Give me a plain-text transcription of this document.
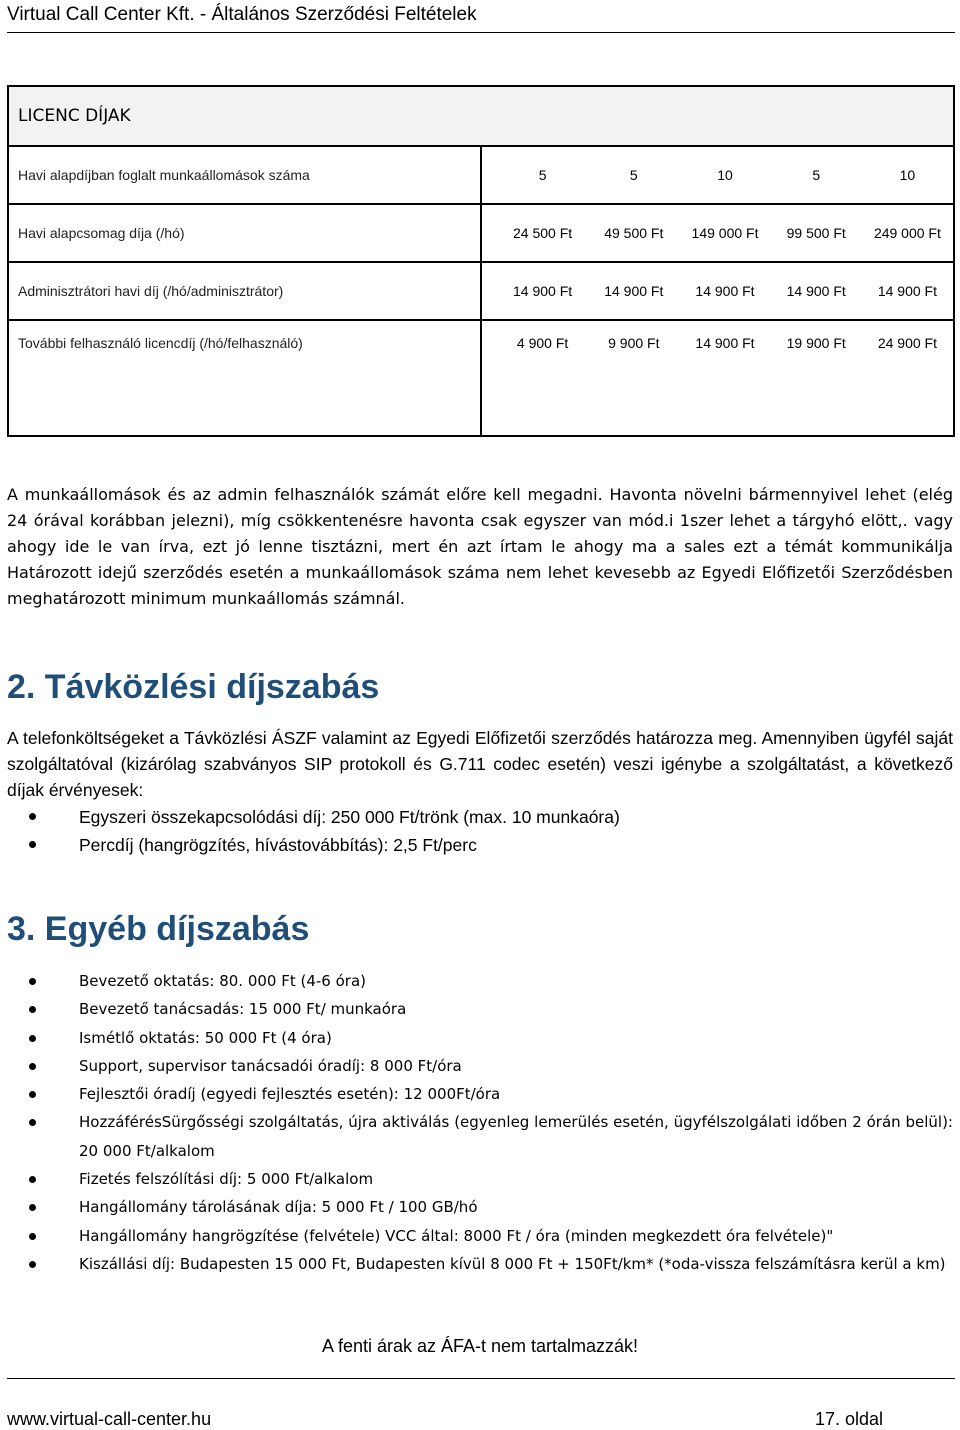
Virtual Call Center Kft. - Általános Szerződési Feltételek
LICENC DÍJAK	
Havi alapdíjban foglalt munkaállomások száma	5 5 10 5 10

Havi alapcsomag díja (/hó)	24 500 Ft 49 500 Ft 149 000 Ft 99 500 Ft 249 000 Ft

Adminisztrátori havi díj (/hó/adminisztrátor)	14 900 Ft 14 900 Ft 14 900 Ft 14 900 Ft 14 900 Ft

További felhasználó licencdíj (/hó/felhasználó)	4 900 Ft 9 900 Ft 14 900 Ft 19 900 Ft 24 900 Ft
A munkaállomások és az admin felhasználók számát előre kell megadni. Havonta növelni bármennyivel lehet (elég 24 órával korábban jelezni), míg csökkentenésre havonta csak egyszer van mód.i 1szer lehet a tárgyhó elött,. vagy ahogy ide le van írva, ezt jó lenne tisztázni, mert én azt írtam le ahogy ma a sales ezt a témát kommunikálja Határozott idejű szerződés esetén a munkaállomások száma nem lehet kevesebb az Egyedi Előfizetői Szerződésben meghatározott minimum munkaállomás számnál.
2. Távközlési díjszabás
A telefonköltségeket a Távközlési ÁSZF valamint az Egyedi Előfizetői szerződés határozza meg. Amennyiben ügyfél saját szolgáltatóval (kizárólag szabványos SIP protokoll és G.711 codec esetén) veszi igénybe a szolgáltatást, a következő díjak érvényesek:
Egyszeri összekapcsolódási díj: 250 000 Ft/trönk (max. 10 munkaóra)
Percdíj (hangrögzítés, hívástovábbítás): 2,5 Ft/perc
3. Egyéb díjszabás
Bevezető oktatás: 80. 000 Ft (4-6 óra)
Bevezető tanácsadás: 15 000 Ft/ munkaóra
Ismétlő oktatás: 50 000 Ft (4 óra)
Support, supervisor tanácsadói óradíj: 8 000 Ft/óra
Fejlesztői óradíj (egyedi fejlesztés esetén): 12 000Ft/óra
HozzáférésSürgősségi szolgáltatás, újra aktiválás (egyenleg lemerülés esetén, ügyfélszolgálati időben 2 órán belül): 20 000 Ft/alkalom
Fizetés felszólítási díj: 5 000 Ft/alkalom
Hangállomány tárolásának díja: 5 000 Ft / 100 GB/hó
Hangállomány hangrögzítése (felvétele) VCC által: 8000 Ft / óra (minden megkezdett óra felvétele)"
Kiszállási díj: Budapesten 15 000 Ft, Budapesten kívül 8 000 Ft + 150Ft/km* (*oda-vissza felszámításra kerül a km)
A fenti árak az ÁFA-t nem tartalmazzák!
www.virtual-call-center.hu	17. oldal
